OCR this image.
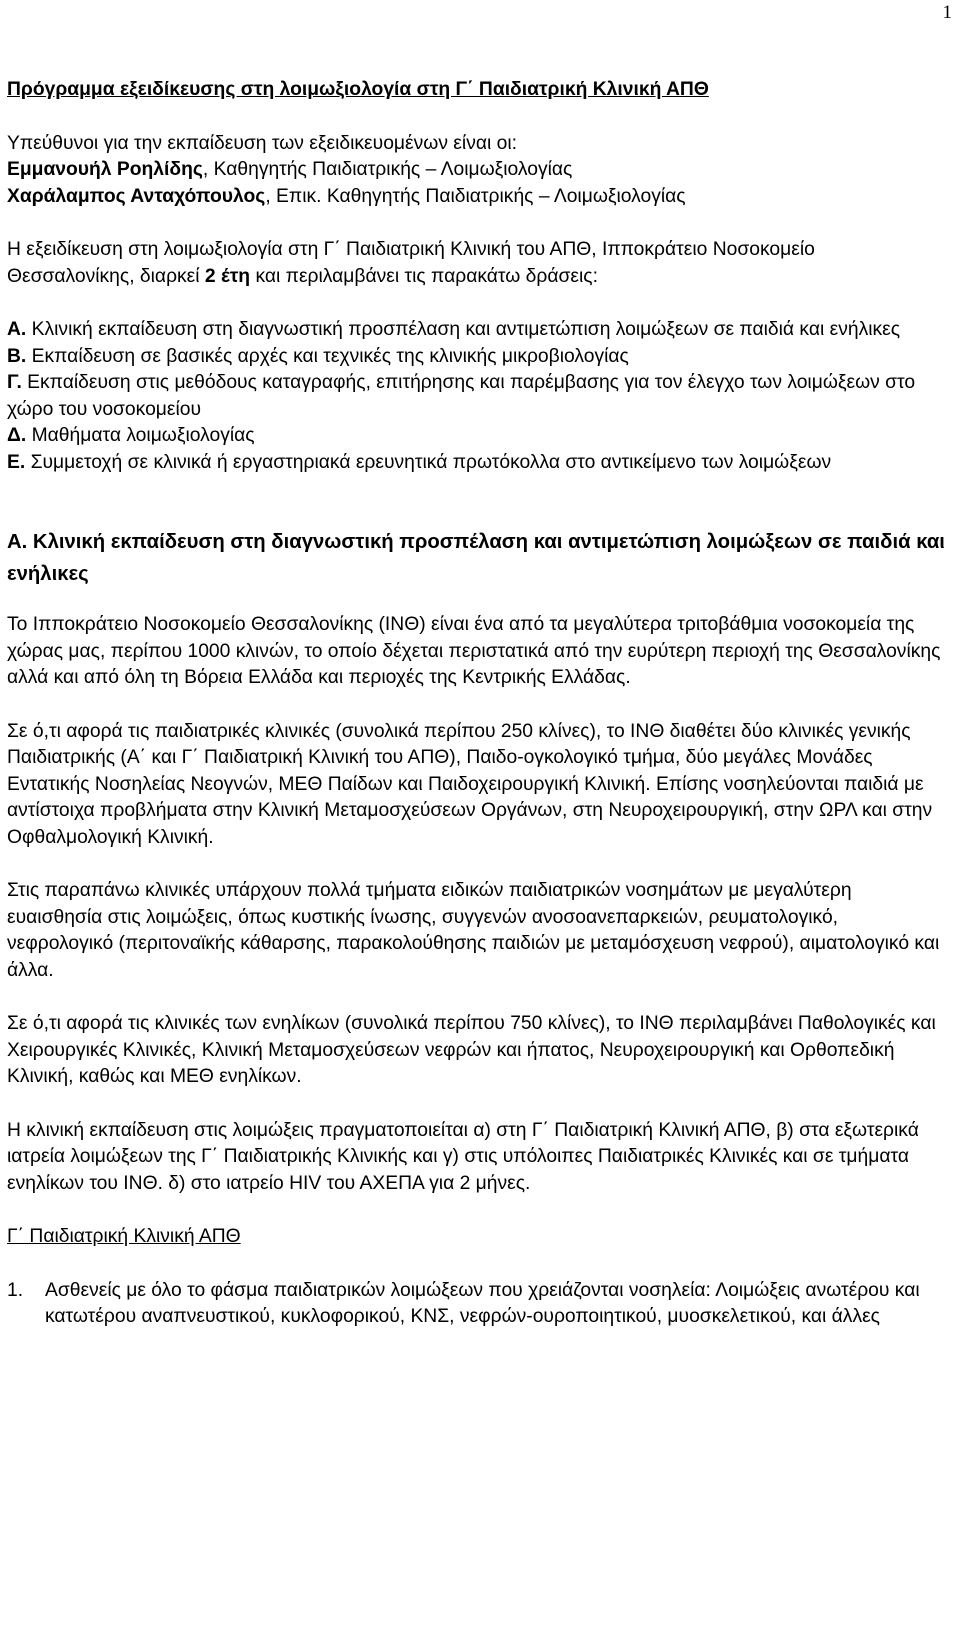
1

Πρόγραμμα εξειδίκευσης στη λοιμωξιολογία στη Γ΄ Παιδιατρική Κλινική ΑΠΘ

Υπεύθυνοι για την εκπαίδευση των εξειδικευομένων είναι οι:

Εμμανουήλ Ροηλίδης, Καθηγητής Παιδιατρικής – Λοιμωξιολογίας

Χαράλαμπος Ανταχόπουλος, Επικ. Καθηγητής Παιδιατρικής – Λοιμωξιολογίας

Η εξειδίκευση στη λοιμωξιολογία στη Γ΄ Παιδιατρική Κλινική του ΑΠΘ, Ιπποκράτειο Νοσοκομείο Θεσσαλονίκης, διαρκεί 2 έτη και περιλαμβάνει τις παρακάτω δράσεις:

Α. Κλινική εκπαίδευση στη διαγνωστική προσπέλαση και αντιμετώπιση λοιμώξεων σε παιδιά και ενήλικες

Β. Εκπαίδευση σε βασικές αρχές και τεχνικές της κλινικής μικροβιολογίας

Γ. Εκπαίδευση στις μεθόδους καταγραφής, επιτήρησης και παρέμβασης για τον έλεγχο των λοιμώξεων στο χώρο του νοσοκομείου

Δ. Μαθήματα λοιμωξιολογίας

Ε. Συμμετοχή σε κλινικά ή εργαστηριακά ερευνητικά πρωτόκολλα στο αντικείμενο των λοιμώξεων

Α. Κλινική εκπαίδευση στη διαγνωστική προσπέλαση και αντιμετώπιση λοιμώξεων σε παιδιά και ενήλικες

Το Ιπποκράτειο Νοσοκομείο Θεσσαλονίκης (ΙΝΘ) είναι ένα από τα μεγαλύτερα τριτοβάθμια νοσοκομεία της χώρας μας, περίπου 1000 κλινών, το οποίο δέχεται περιστατικά από την ευρύτερη περιοχή της Θεσσαλονίκης αλλά και από όλη τη Βόρεια Ελλάδα και περιοχές της Κεντρικής Ελλάδας.

Σε ό,τι αφορά τις παιδιατρικές κλινικές (συνολικά περίπου 250 κλίνες), το ΙΝΘ διαθέτει δύο κλινικές γενικής Παιδιατρικής (Α΄ και Γ΄ Παιδιατρική Κλινική του ΑΠΘ), Παιδο-ογκολογικό τμήμα, δύο μεγάλες Μονάδες Εντατικής Νοσηλείας Νεογνών, ΜΕΘ Παίδων και Παιδοχειρουργική Κλινική. Επίσης νοσηλεύονται παιδιά με αντίστοιχα προβλήματα στην Κλινική Μεταμοσχεύσεων Οργάνων, στη Νευροχειρουργική, στην ΩΡΛ και στην Οφθαλμολογική Κλινική.

Στις παραπάνω κλινικές υπάρχουν πολλά τμήματα ειδικών παιδιατρικών νοσημάτων με μεγαλύτερη ευαισθησία στις λοιμώξεις, όπως κυστικής ίνωσης, συγγενών ανοσοανεπαρκειών, ρευματολογικό, νεφρολογικό (περιτοναϊκής κάθαρσης, παρακολούθησης παιδιών με μεταμόσχευση νεφρού), αιματολογικό και άλλα.

Σε ό,τι αφορά τις κλινικές των ενηλίκων (συνολικά περίπου 750 κλίνες), το ΙΝΘ περιλαμβάνει Παθολογικές και Χειρουργικές Κλινικές, Κλινική Μεταμοσχεύσεων νεφρών και ήπατος, Νευροχειρουργική και Ορθοπεδική Κλινική, καθώς και ΜΕΘ ενηλίκων.

Η κλινική εκπαίδευση στις λοιμώξεις πραγματοποιείται α) στη Γ΄ Παιδιατρική Κλινική ΑΠΘ, β) στα εξωτερικά ιατρεία λοιμώξεων της Γ΄ Παιδιατρικής Κλινικής και γ) στις υπόλοιπες Παιδιατρικές Κλινικές και σε τμήματα ενηλίκων του ΙΝΘ. δ) στο ιατρείο HIV του ΑΧΕΠΑ για 2 μήνες.

Γ΄ Παιδιατρική Κλινική ΑΠΘ

1.	Ασθενείς με όλο το φάσμα παιδιατρικών λοιμώξεων που χρειάζονται νοσηλεία: Λοιμώξεις ανωτέρου και κατωτέρου αναπνευστικού, κυκλοφορικού, ΚΝΣ, νεφρών-ουροποιητικού, μυοσκελετικού, και άλλες
